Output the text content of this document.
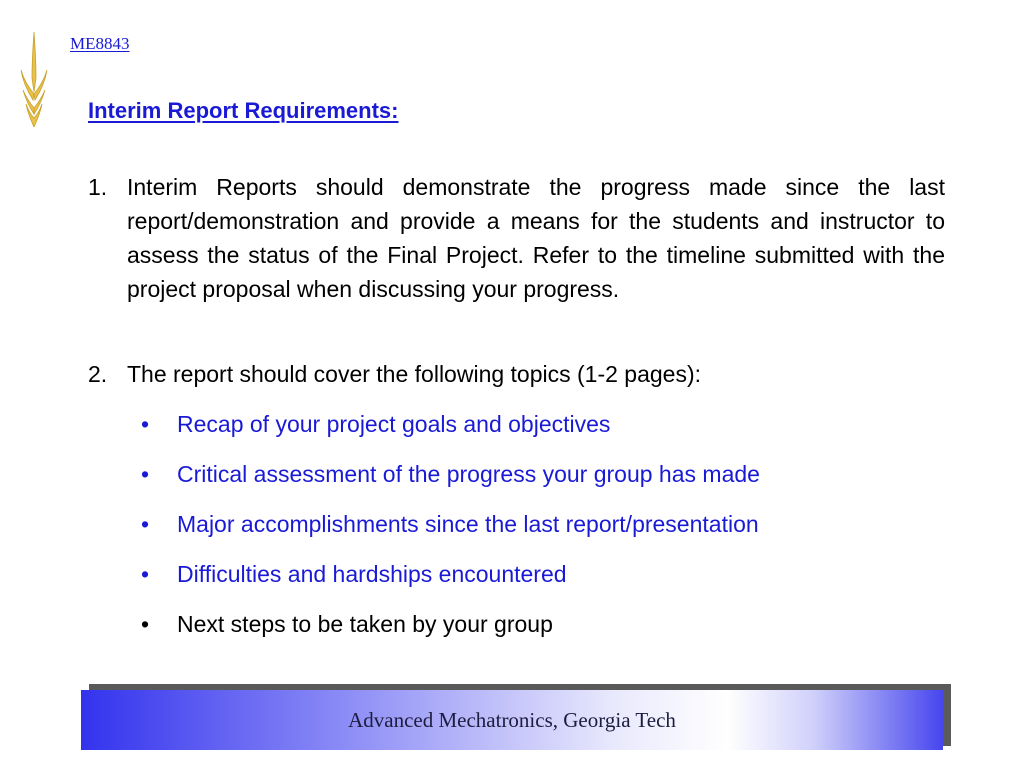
ME8843
Interim Report Requirements:
1. Interim Reports should demonstrate the progress made since the last report/demonstration and provide a means for the students and instructor to assess the status of the Final Project. Refer to the timeline submitted with the project proposal when discussing your progress.
2. The report should cover the following topics (1-2 pages):
• Recap of your project goals and objectives
• Critical assessment of the progress your group has made
• Major accomplishments since the last report/presentation
• Difficulties and hardships encountered
• Next steps to be taken by your group
Advanced Mechatronics, Georgia Tech
